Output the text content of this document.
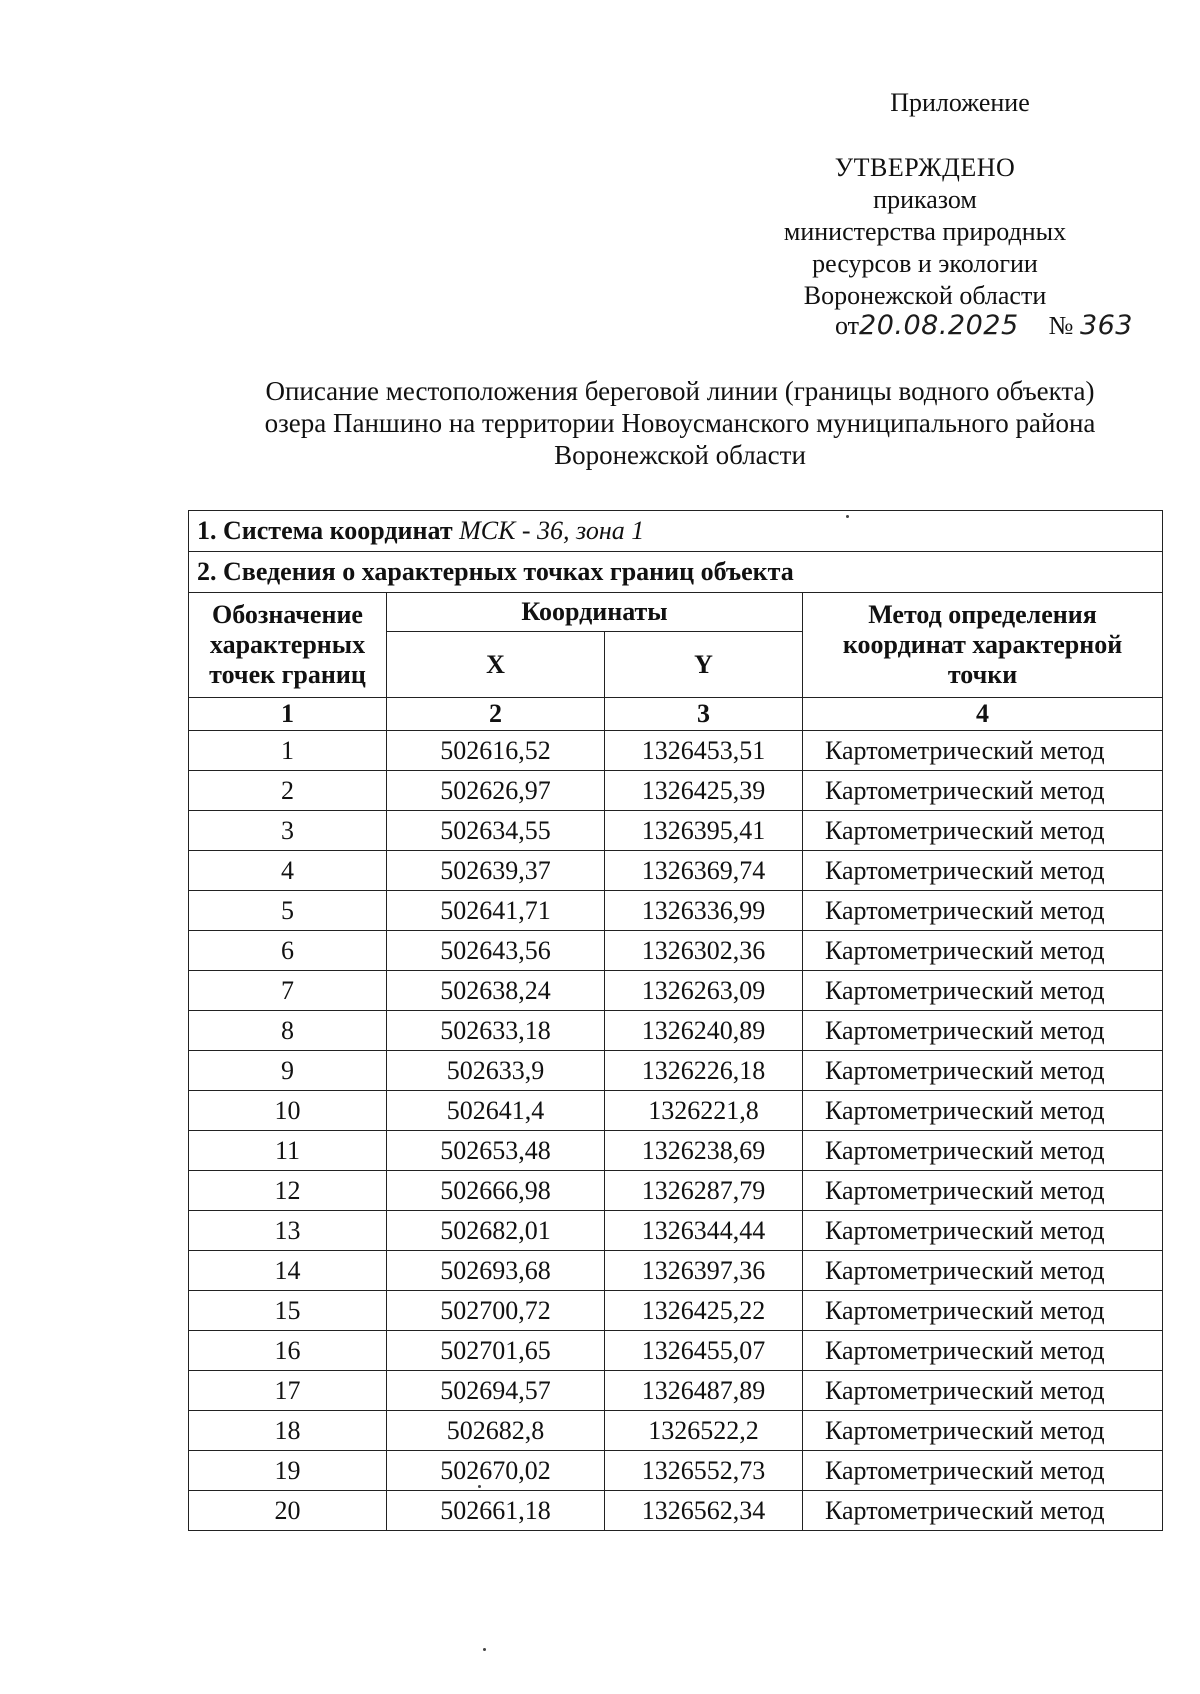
Приложение
УТВЕРЖДЕНО
приказом
министерства природных
ресурсов и экологии
Воронежской области
от20.08.2025 № 363
Описание местоположения береговой линии (границы водного объекта)
озера Паншино на территории Новоусманского муниципального района
Воронежской области
1. Система координат МСК - 36, зона 1			
2. Сведения о характерных точках границ объекта			
Обозначение характерных точек границ	Координаты		Метод определения координат характерной точки
	X	Y	
1	2	3	4
1	502616,52	1326453,51	Картометрический метод
2	502626,97	1326425,39	Картометрический метод
3	502634,55	1326395,41	Картометрический метод
4	502639,37	1326369,74	Картометрический метод
5	502641,71	1326336,99	Картометрический метод
6	502643,56	1326302,36	Картометрический метод
7	502638,24	1326263,09	Картометрический метод
8	502633,18	1326240,89	Картометрический метод
9	502633,9	1326226,18	Картометрический метод
10	502641,4	1326221,8	Картометрический метод
11	502653,48	1326238,69	Картометрический метод
12	502666,98	1326287,79	Картометрический метод
13	502682,01	1326344,44	Картометрический метод
14	502693,68	1326397,36	Картометрический метод
15	502700,72	1326425,22	Картометрический метод
16	502701,65	1326455,07	Картометрический метод
17	502694,57	1326487,89	Картометрический метод
18	502682,8	1326522,2	Картометрический метод
19	502670,02	1326552,73	Картометрический метод
20	502661,18	1326562,34	Картометрический метод
